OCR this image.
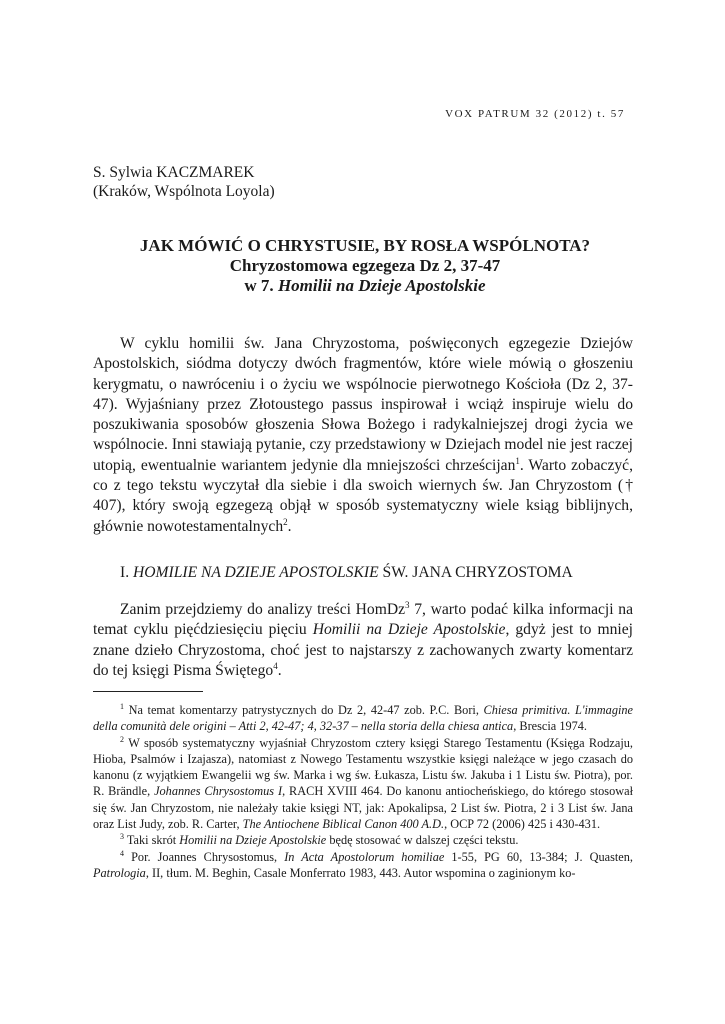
VOX PATRUM 32 (2012) t. 57
S. Sylwia KACZMAREK
(Kraków, Wspólnota Loyola)
JAK MÓWIĆ O CHRYSTUSIE, BY ROSŁA WSPÓLNOTA?
Chryzostomowa egzegeza Dz 2, 37-47
w 7. Homilii na Dzieje Apostolskie
W cyklu homilii św. Jana Chryzostoma, poświęconych egzegezie Dziejów Apostolskich, siódma dotyczy dwóch fragmentów, które wiele mówią o głoszeniu kerygmatu, o nawróceniu i o życiu we wspólnocie pierwotnego Kościoła (Dz 2, 37-47). Wyjaśniany przez Złotoustego passus inspirował i wciąż inspiruje wielu do poszukiwania sposobów głoszenia Słowa Bożego i radykalniejszej drogi życia we wspólnocie. Inni stawiają pytanie, czy przedstawiony w Dziejach model nie jest raczej utopią, ewentualnie wariantem jedynie dla mniejszości chrześcijan$^1$. Warto zobaczyć, co z tego tekstu wyczytał dla siebie i dla swoich wiernych św. Jan Chryzostom († 407), który swoją egzegezą objął w sposób systematyczny wiele ksiąg biblijnych, głównie nowotestamentalnych$^2$.
I. HOMILIE NA DZIEJE APOSTOLSKIE ŚW. JANA CHRYZOSTOMA
Zanim przejdziemy do analizy treści HomDz$^3$ 7, warto podać kilka informacji na temat cyklu pięćdziesięciu pięciu Homilii na Dzieje Apostolskie, gdyż jest to mniej znane dzieło Chryzostoma, choć jest to najstarszy z zachowanych zwarty komentarz do tej księgi Pisma Świętego$^4$.

$^1$ Na temat komentarzy patrystycznych do Dz 2, 42-47 zob. P.C. Bori, Chiesa primitiva. L'immagine della comunità dele origini – Atti 2, 42-47; 4, 32-37 – nella storia della chiesa antica, Brescia 1974.

$^2$ W sposób systematyczny wyjaśniał Chryzostom cztery księgi Starego Testamentu (Księga Rodzaju, Hioba, Psalmów i Izajasza), natomiast z Nowego Testamentu wszystkie księgi należące w jego czasach do kanonu (z wyjątkiem Ewangelii wg św. Marka i wg św. Łukasza, Listu św. Jakuba i 1 Listu św. Piotra), por. R. Brändle, Johannes Chrysostomus I, RACH XVIII 464. Do kanonu antiocheńskiego, do którego stosował się św. Jan Chryzostom, nie należały takie księgi NT, jak: Apokalipsa, 2 List św. Piotra, 2 i 3 List św. Jana oraz List Judy, zob. R. Carter, The Antiochene Biblical Canon 400 A.D., OCP 72 (2006) 425 i 430-431.

$^3$ Taki skrót Homilii na Dzieje Apostolskie będę stosować w dalszej części tekstu.

$^4$ Por. Joannes Chrysostomus, In Acta Apostolorum homiliae 1-55, PG 60, 13-384; J. Quasten, Patrologia, II, tłum. M. Beghin, Casale Monferrato 1983, 443. Autor wspomina o zaginionym ko-
